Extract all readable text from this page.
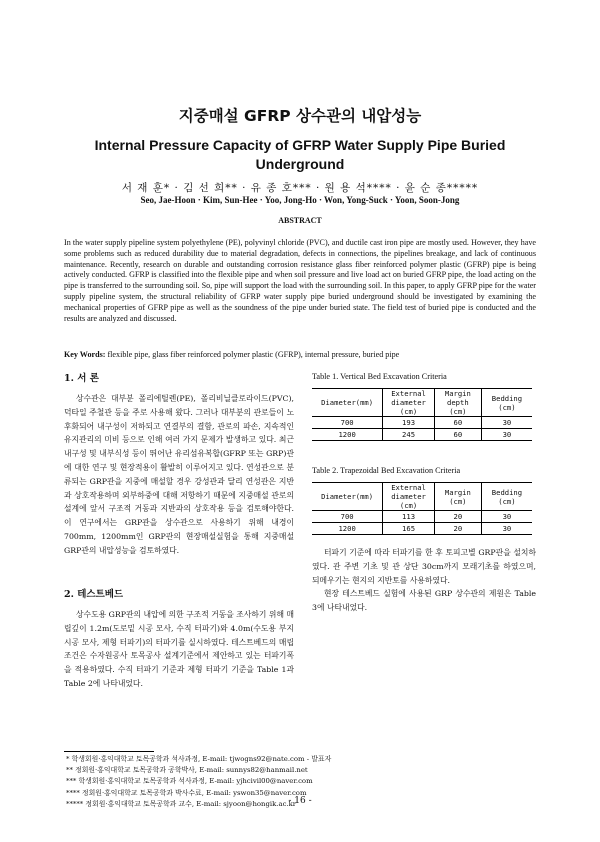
지중매설 GFRP 상수관의 내압성능
Internal Pressure Capacity of GFRP Water Supply Pipe Buried Underground
서 재 훈* · 김 선 희** · 유 종 호*** · 원 용 석**** · 윤 순 종*****
Seo, Jae-Hoon · Kim, Sun-Hee · Yoo, Jong-Ho · Won, Yong-Suck · Yoon, Soon-Jong
ABSTRACT
In the water supply pipeline system polyethylene (PE), polyvinyl chloride (PVC), and ductile cast iron pipe are mostly used. However, they have some problems such as reduced durability due to material degradation, defects in connections, the pipelines breakage, and lack of continuous maintenance. Recently, research on durable and outstanding corrosion resistance glass fiber reinforced polymer plastic (GFRP) pipe is being actively conducted. GFRP is classified into the flexible pipe and when soil pressure and live load act on buried GFRP pipe, the load acting on the pipe is transferred to the surrounding soil. So, pipe will support the load with the surrounding soil. In this paper, to apply GFRP pipe for the water supply pipeline system, the structural reliability of GFRP water supply pipe buried underground should be investigated by examining the mechanical properties of GFRP pipe as well as the soundness of the pipe under buried state. The field test of buried pipe is conducted and the results are analyzed and discussed.
Key Words: flexible pipe, glass fiber reinforced polymer plastic (GFRP), internal pressure, buried pipe
1. 서 론

상수관은 대부분 폴리에틸렌(PE), 폴리비닐클로라이드(PVC), 덕타일 주철관 등을 주로 사용해 왔다. 그러나 대부분의 관로들이 노후화되어 내구성이 저하되고 연결부의 결함, 관로의 파손, 지속적인 유지관리의 미비 등으로 인해 여러 가지 문제가 발생하고 있다. 최근 내구성 및 내부식성 등이 뛰어난 유리섬유복합(GFRP 또는 GRP)관에 대한 연구 및 현장적용이 활발히 이루어지고 있다. 연성관으로 분류되는 GRP관을 지중에 매설할 경우 강성관과 달리 연성관은 지반과 상호작용하며 외부하중에 대해 저항하기 때문에 지중매설 관로의 설계에 앞서 구조적 거동과 지반과의 상호작용 등을 검토해야한다. 이 연구에서는 GRP관을 상수관으로 사용하기 위해 내경이 700mm, 1200mm인 GRP관의 현장매설실험을 통해 지중매설 GRP관의 내압성능을 검토하였다.

2. 테스트베드

상수도용 GRP관의 내압에 의한 구조적 거동을 조사하기 위해 매립깊이 1.2m(도로밑 시공 모사, 수직 터파기)와 4.0m(수도용 부지 시공 모사, 제형 터파기)의 터파기를 실시하였다. 테스트베드의 매립 조건은 수자원공사 토목공사 설계기준에서 제안하고 있는 터파기폭을 적용하였다. 수직 터파기 기준과 제형 터파기 기준을 Table 1과 Table 2에 나타내었다.

Table 1. Vertical Bed Excavation Criteria
Diameter(mm)	External diameter (cm)	Margin depth (cm)	Bedding (cm)
700	193	60	30
1200	245	60	30
Table 2. Trapezoidal Bed Excavation Criteria
Diameter(mm)	External diameter (cm)	Margin (cm)	Bedding (cm)
700	113	20	30
1200	165	20	30

터파기 기준에 따라 터파기를 한 후 토피고별 GRP관을 설치하였다. 관 주변 기초 및 관 상단 30cm까지 모래기초를 하였으며, 되메우기는 현지의 지반토를 사용하였다.

현장 테스트베드 실험에 사용된 GRP 상수관의 제원은 Table 3에 나타내었다.

* 학생회원·홍익대학교 토목공학과 석사과정, E-mail: tjwogns92@nate.com - 발표자
** 정회원·홍익대학교 토목공학과 공학박사, E-mail: sunnys82@hanmail.net
*** 학생회원·홍익대학교 토목공학과 석사과정, E-mail: yjhcivil00@naver.com
**** 정회원·홍익대학교 토목공학과 박사수료, E-mail: yswon35@naver.com
***** 정회원·홍익대학교 토목공학과 교수, E-mail: sjyoon@hongik.ac.kr
- 16 -
